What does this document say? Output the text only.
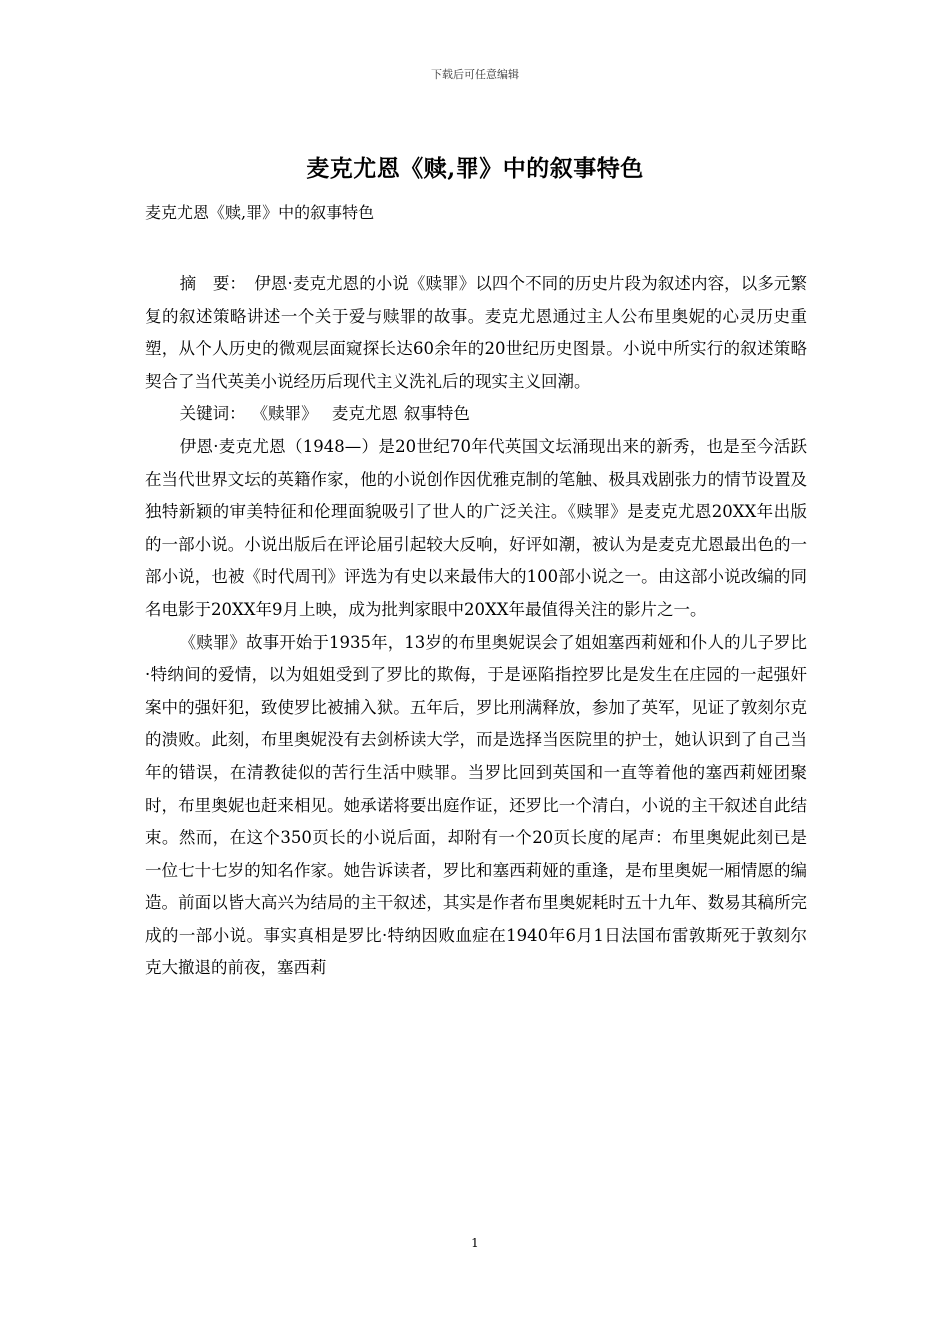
下载后可任意编辑
麦克尤恩《赎,罪》中的叙事特色
麦克尤恩《赎,罪》中的叙事特色

摘　要：　 伊恩·麦克尤恩的小说《赎罪》以四个不同的历史片段为叙述内容，以多元繁复的叙述策略讲述一个关于爱与赎罪的故事。麦克尤恩通过主人公布里奥妮的心灵历史重塑，从个人历史的微观层面窥探长达60余年的20世纪历史图景。小说中所实行的叙述策略契合了当代英美小说经历后现代主义洗礼后的现实主义回潮。

关键词：　 《赎罪》　 麦克尤恩 叙事特色

伊恩·麦克尤恩（1948—）是20世纪70年代英国文坛涌现出来的新秀，也是至今活跃在当代世界文坛的英籍作家，他的小说创作因优雅克制的笔触、极具戏剧张力的情节设置及独特新颖的审美特征和伦理面貌吸引了世人的广泛关注。《赎罪》是麦克尤恩20XX年出版的一部小说。小说出版后在评论届引起较大反响，好评如潮，被认为是麦克尤恩最出色的一部小说，也被《时代周刊》评选为有史以来最伟大的100部小说之一。由这部小说改编的同名电影于20XX年9月上映，成为批判家眼中20XX年最值得关注的影片之一。

《赎罪》故事开始于1935年，13岁的布里奥妮误会了姐姐塞西莉娅和仆人的儿子罗比·特纳间的爱情，以为姐姐受到了罗比的欺侮，于是诬陷指控罗比是发生在庄园的一起强奸案中的强奸犯，致使罗比被捕入狱。五年后，罗比刑满释放，参加了英军，见证了敦刻尔克的溃败。此刻，布里奥妮没有去剑桥读大学，而是选择当医院里的护士，她认识到了自己当年的错误，在清教徒似的苦行生活中赎罪。当罗比回到英国和一直等着他的塞西莉娅团聚时，布里奥妮也赶来相见。她承诺将要出庭作证，还罗比一个清白，小说的主干叙述自此结束。然而，在这个350页长的小说后面，却附有一个20页长度的尾声：布里奥妮此刻已是一位七十七岁的知名作家。她告诉读者，罗比和塞西莉娅的重逢，是布里奥妮一厢情愿的编造。前面以皆大高兴为结局的主干叙述，其实是作者布里奥妮耗时五十九年、数易其稿所完成的一部小说。事实真相是罗比·特纳因败血症在1940年6月1日法国布雷敦斯死于敦刻尔克大撤退的前夜，塞西莉

1
